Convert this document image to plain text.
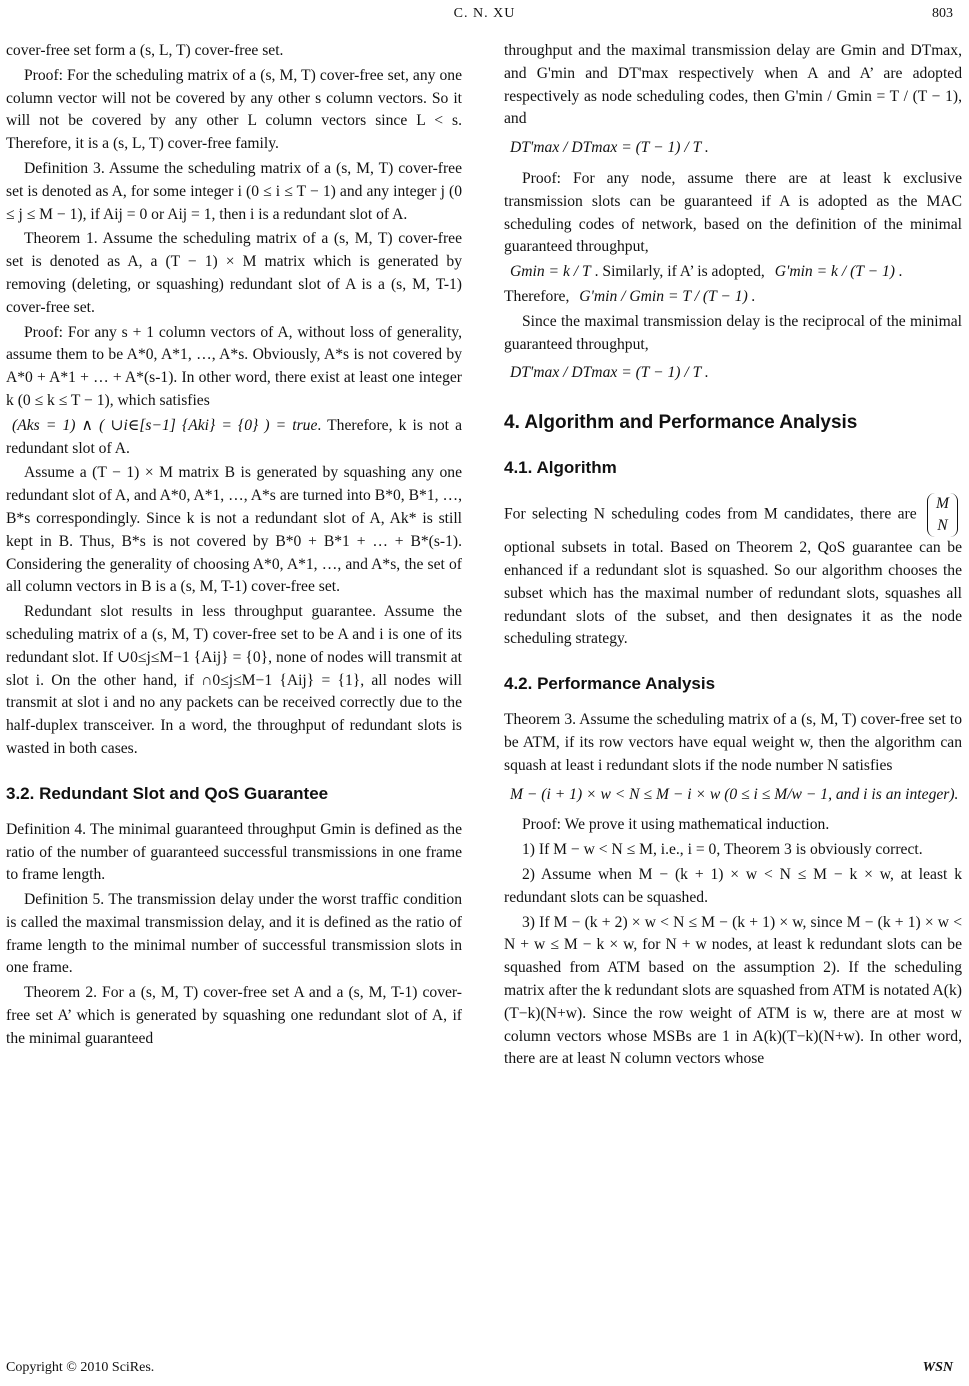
C. N. XU	803

cover-free set form a (s, L, T) cover-free set.

Proof: For the scheduling matrix of a (s, M, T) cover-free set, any one column vector will not be covered by any other s column vectors. So it will not be covered by any other L column vectors since L < s. Therefore, it is a (s, L, T) cover-free family.

Definition 3. Assume the scheduling matrix of a (s, M, T) cover-free set is denoted as A, for some integer i (0 ≤ i ≤ T − 1) and any integer j (0 ≤ j ≤ M − 1), if Aij = 0 or Aij = 1, then i is a redundant slot of A.

Theorem 1. Assume the scheduling matrix of a (s, M, T) cover-free set is denoted as A, a (T − 1) × M matrix which is generated by removing (deleting, or squashing) redundant slot of A is a (s, M, T-1) cover-free set.

Proof: For any s + 1 column vectors of A, without loss of generality, assume them to be A*0, A*1, …, A*s. Obviously, A*s is not covered by A*0 + A*1 + … + A*(s-1). In other word, there exist at least one integer k (0 ≤ k ≤ T − 1), which satisfies

(Aks = 1) ∧ ( ∪i∈[s−1] {Aki} = {0} ) = true. Therefore, k is not a redundant slot of A.

Assume a (T − 1) × M matrix B is generated by squashing any one redundant slot of A, and A*0, A*1, …, A*s are turned into B*0, B*1, …, B*s correspondingly. Since k is not a redundant slot of A, Ak* is still kept in B. Thus, B*s is not covered by B*0 + B*1 + … + B*(s-1). Considering the generality of choosing A*0, A*1, …, and A*s, the set of all column vectors in B is a (s, M, T-1) cover-free set.

Redundant slot results in less throughput guarantee. Assume the scheduling matrix of a (s, M, T) cover-free set to be A and i is one of its redundant slot. If ∪0≤j≤M−1 {Aij} = {0}, none of nodes will transmit at slot i. On the other hand, if ∩0≤j≤M−1 {Aij} = {1}, all nodes will transmit at slot i and no any packets can be received correctly due to the half-duplex transceiver. In a word, the throughput of redundant slots is wasted in both cases.

3.2. Redundant Slot and QoS Guarantee

Definition 4. The minimal guaranteed throughput Gmin is defined as the ratio of the number of guaranteed successful transmissions in one frame to frame length.

Definition 5. The transmission delay under the worst traffic condition is called the maximal transmission delay, and it is defined as the ratio of frame length to the minimal number of successful transmission slots in one frame.

Theorem 2. For a (s, M, T) cover-free set A and a (s, M, T-1) cover-free set A’ which is generated by squashing one redundant slot of A, if the minimal guaranteed

throughput and the maximal transmission delay are Gmin and DTmax, and G'min and DT'max respectively when A and A’ are adopted respectively as node scheduling codes, then G'min / Gmin = T / (T − 1), and

DT'max / DTmax = (T − 1) / T .

Proof: For any node, assume there are at least k exclusive transmission slots can be guaranteed if A is adopted as the MAC scheduling codes of network, based on the definition of the minimal guaranteed throughput,

Gmin = k / T . Similarly, if A’ is adopted, G'min = k / (T − 1) .

Therefore, G'min / Gmin = T / (T − 1) .

Since the maximal transmission delay is the reciprocal of the minimal guaranteed throughput,

DT'max / DTmax = (T − 1) / T .
4. Algorithm and Performance Analysis
4.1. Algorithm

For selecting N scheduling codes from M candidates, there are
M
N
optional subsets in total. Based on Theorem 2, QoS guarantee can be enhanced if a redundant slot is squashed. So our algorithm chooses the subset which has the maximal number of redundant slots, squashes all redundant slots of the subset, and then designates it as the node scheduling strategy.

4.2. Performance Analysis

Theorem 3. Assume the scheduling matrix of a (s, M, T) cover-free set to be ATM, if its row vectors have equal weight w, then the algorithm can squash at least i redundant slots if the node number N satisfies

M − (i + 1) × w < N ≤ M − i × w (0 ≤ i ≤ M/w − 1, and i is an integer).

Proof: We prove it using mathematical induction.

1) If M − w < N ≤ M, i.e., i = 0, Theorem 3 is obviously correct.

2) Assume when M − (k + 1) × w < N ≤ M − k × w, at least k redundant slots can be squashed.

3) If M − (k + 2) × w < N ≤ M − (k + 1) × w, since M − (k + 1) × w < N + w ≤ M − k × w, for N + w nodes, at least k redundant slots can be squashed from ATM based on the assumption 2). If the scheduling matrix after the k redundant slots are squashed from ATM is notated A(k)(T−k)(N+w). Since the row weight of ATM is w, there are at most w column vectors whose MSBs are 1 in A(k)(T−k)(N+w). In other word, there are at least N column vectors whose

Copyright © 2010 SciRes.	WSN
